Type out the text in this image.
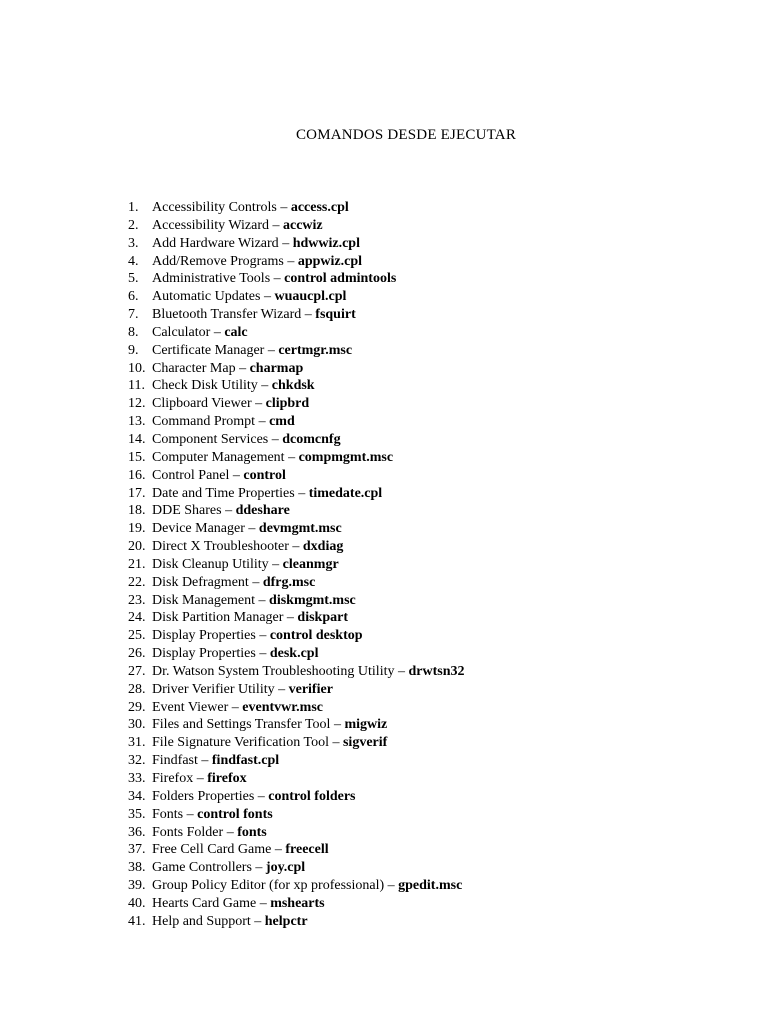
COMANDOS DESDE EJECUTAR
1. Accessibility Controls – access.cpl
2. Accessibility Wizard – accwiz
3. Add Hardware Wizard – hdwwiz.cpl
4. Add/Remove Programs – appwiz.cpl
5. Administrative Tools – control admintools
6. Automatic Updates – wuaucpl.cpl
7. Bluetooth Transfer Wizard – fsquirt
8. Calculator – calc
9. Certificate Manager – certmgr.msc
10. Character Map – charmap
11. Check Disk Utility – chkdsk
12. Clipboard Viewer – clipbrd
13. Command Prompt – cmd
14. Component Services – dcomcnfg
15. Computer Management – compmgmt.msc
16. Control Panel – control
17. Date and Time Properties – timedate.cpl
18. DDE Shares – ddeshare
19. Device Manager – devmgmt.msc
20. Direct X Troubleshooter – dxdiag
21. Disk Cleanup Utility – cleanmgr
22. Disk Defragment – dfrg.msc
23. Disk Management – diskmgmt.msc
24. Disk Partition Manager – diskpart
25. Display Properties – control desktop
26. Display Properties – desk.cpl
27. Dr. Watson System Troubleshooting Utility – drwtsn32
28. Driver Verifier Utility – verifier
29. Event Viewer – eventvwr.msc
30. Files and Settings Transfer Tool – migwiz
31. File Signature Verification Tool – sigverif
32. Findfast – findfast.cpl
33. Firefox – firefox
34. Folders Properties – control folders
35. Fonts – control fonts
36. Fonts Folder – fonts
37. Free Cell Card Game – freecell
38. Game Controllers – joy.cpl
39. Group Policy Editor (for xp professional) – gpedit.msc
40. Hearts Card Game – mshearts
41. Help and Support – helpctr
